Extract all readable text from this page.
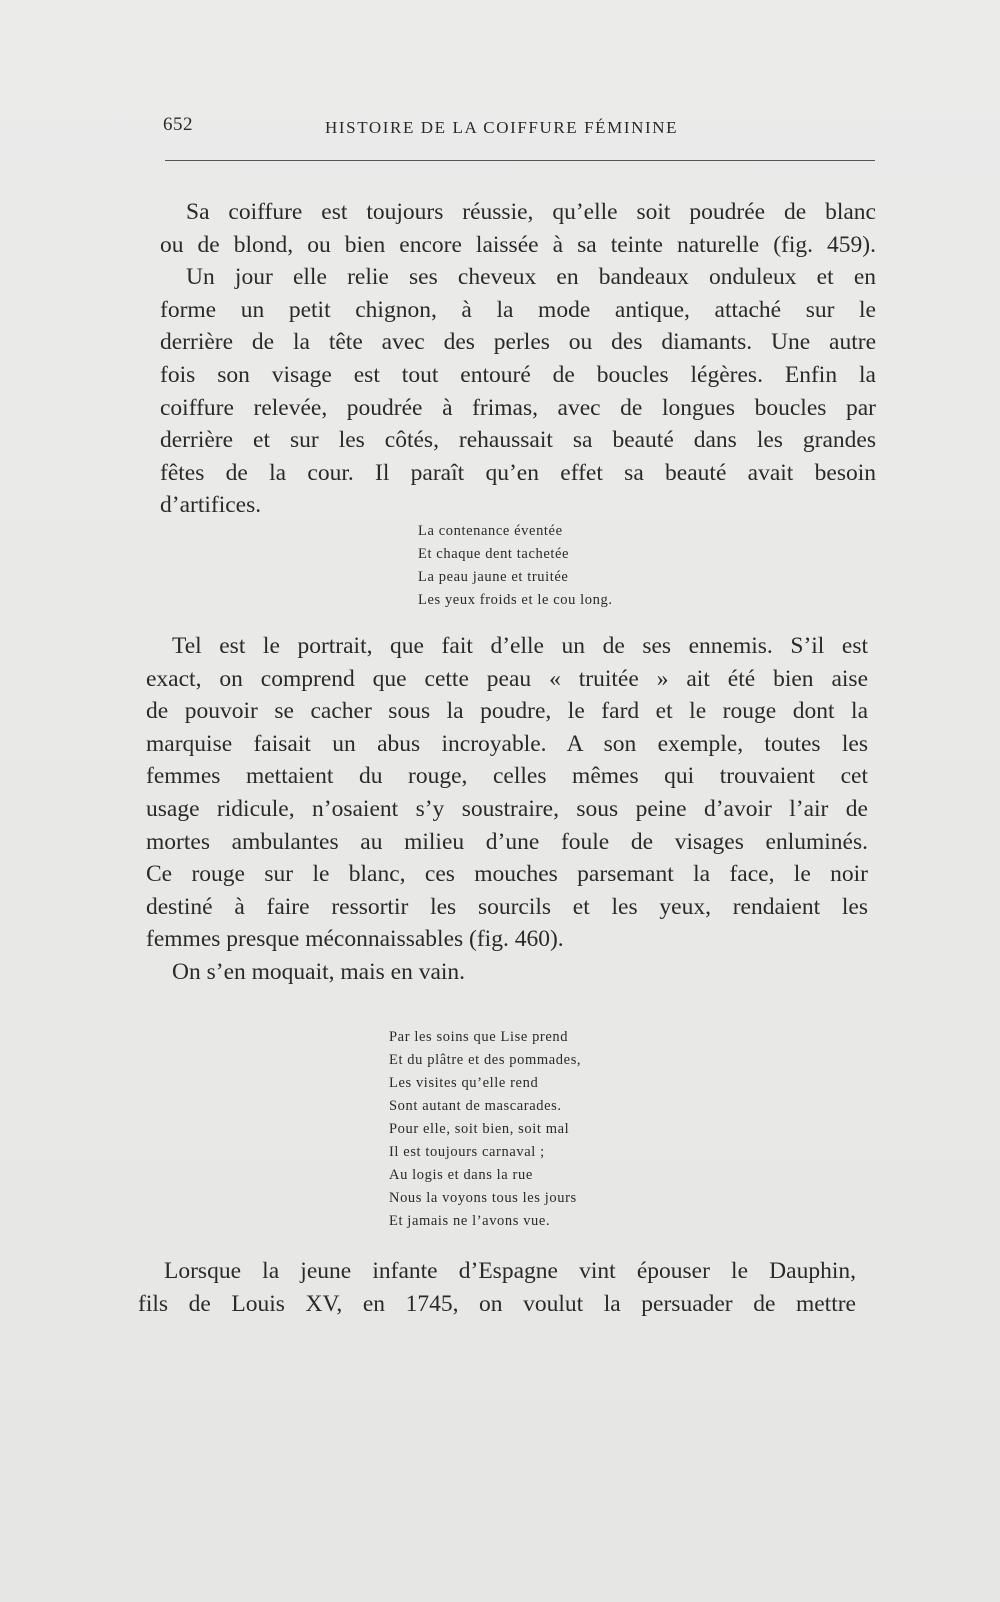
652	HISTOIRE DE LA COIFFURE FÉMININE
Sa coiffure est toujours réussie, qu’elle soit poudrée de blanc
ou de blond, ou bien encore laissée à sa teinte naturelle (fig. 459).
Un jour elle relie ses cheveux en bandeaux onduleux et en
forme un petit chignon, à la mode antique, attaché sur le
derrière de la tête avec des perles ou des diamants. Une autre
fois son visage est tout entouré de boucles légères. Enfin la
coiffure relevée, poudrée à frimas, avec de longues boucles par
derrière et sur les côtés, rehaussait sa beauté dans les grandes
fêtes de la cour. Il paraît qu’en effet sa beauté avait besoin
d’artifices.
La contenance éventée
Et chaque dent tachetée
La peau jaune et truitée
Les yeux froids et le cou long.
Tel est le portrait, que fait d’elle un de ses ennemis. S’il est
exact, on comprend que cette peau « truitée » ait été bien aise
de pouvoir se cacher sous la poudre, le fard et le rouge dont la
marquise faisait un abus incroyable. A son exemple, toutes les
femmes mettaient du rouge, celles mêmes qui trouvaient cet
usage ridicule, n’osaient s’y soustraire, sous peine d’avoir l’air de
mortes ambulantes au milieu d’une foule de visages enluminés.
Ce rouge sur le blanc, ces mouches parsemant la face, le noir
destiné à faire ressortir les sourcils et les yeux, rendaient les
femmes presque méconnaissables (fig. 460).
On s’en moquait, mais en vain.
Par les soins que Lise prend
Et du plâtre et des pommades,
Les visites qu’elle rend
Sont autant de mascarades.
Pour elle, soit bien, soit mal
Il est toujours carnaval ;
Au logis et dans la rue
Nous la voyons tous les jours
Et jamais ne l’avons vue.
Lorsque la jeune infante d’Espagne vint épouser le Dauphin,
fils de Louis XV, en 1745, on voulut la persuader de mettre
